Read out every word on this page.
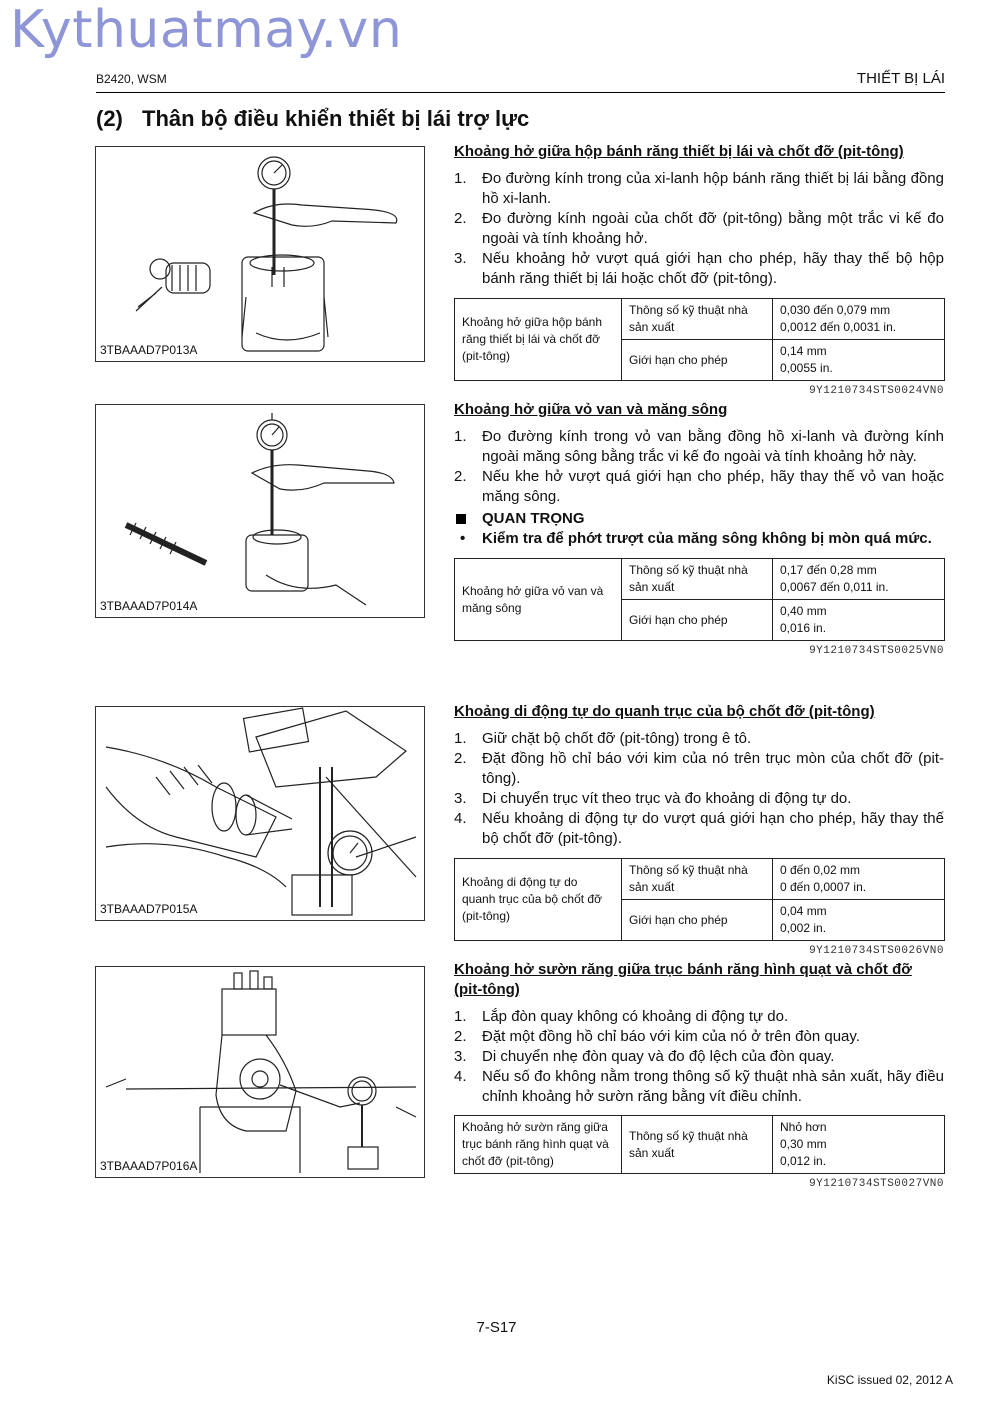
Kythuatmay.vn
B2420, WSM	THIẾT BỊ LÁI
(2) Thân bộ điều khiển thiết bị lái trợ lực
3TBAAAD7P013A
3TBAAAD7P014A
3TBAAAD7P015A
3TBAAAD7P016A
Khoảng hở giữa hộp bánh răng thiết bị lái và chốt đỡ (pit-tông)
1. Đo đường kính trong của xi-lanh hộp bánh răng thiết bị lái bằng đồng hồ xi-lanh.
2. Đo đường kính ngoài của chốt đỡ (pit-tông) bằng một trắc vi kế đo ngoài và tính khoảng hở.
3. Nếu khoảng hở vượt quá giới hạn cho phép, hãy thay thế bộ hộp bánh răng thiết bị lái hoặc chốt đỡ (pit-tông).
Khoảng hở giữa hộp bánh răng thiết bị lái và chốt đỡ (pit-tông)	Thông số kỹ thuật nhà sản xuất	0,030 đến 0,079 mm
0,0012 đến 0,0031 in.
	Giới hạn cho phép	0,14 mm
0,0055 in.
9Y1210734STS0024VN0
Khoảng hở giữa vỏ van và măng sông
1. Đo đường kính trong vỏ van bằng đồng hồ xi-lanh và đường kính ngoài măng sông bằng trắc vi kế đo ngoài và tính khoảng hở này.
2. Nếu khe hở vượt quá giới hạn cho phép, hãy thay thế vỏ van hoặc măng sông.
QUAN TRỌNG
• Kiểm tra để phớt trượt của măng sông không bị mòn quá mức.
Khoảng hở giữa vỏ van và măng sông	Thông số kỹ thuật nhà sản xuất	0,17 đến 0,28 mm
0,0067 đến 0,011 in.
	Giới hạn cho phép	0,40 mm
0,016 in.
9Y1210734STS0025VN0
Khoảng di động tự do quanh trục của bộ chốt đỡ (pit-tông)
1. Giữ chặt bộ chốt đỡ (pit-tông) trong ê tô.
2. Đặt đồng hồ chỉ báo với kim của nó trên trục mòn của chốt đỡ (pit-tông).
3. Di chuyển trục vít theo trục và đo khoảng di động tự do.
4. Nếu khoảng di động tự do vượt quá giới hạn cho phép, hãy thay thế bộ chốt đỡ (pit-tông).
Khoảng di động tự do quanh trục của bộ chốt đỡ (pit-tông)	Thông số kỹ thuật nhà sản xuất	0 đến 0,02 mm
0 đến 0,0007 in.
	Giới hạn cho phép	0,04 mm
0,002 in.
9Y1210734STS0026VN0
Khoảng hở sườn răng giữa trục bánh răng hình quạt và chốt đỡ (pit-tông)
1. Lắp đòn quay không có khoảng di động tự do.
2. Đặt một đồng hồ chỉ báo với kim của nó ở trên đòn quay.
3. Di chuyển nhẹ đòn quay và đo độ lệch của đòn quay.
4. Nếu số đo không nằm trong thông số kỹ thuật nhà sản xuất, hãy điều chỉnh khoảng hở sườn răng bằng vít điều chỉnh.
Khoảng hở sườn răng giữa trục bánh răng hình quạt và chốt đỡ (pit-tông)	Thông số kỹ thuật nhà sản xuất	Nhỏ hơn
0,30 mm
0,012 in.
9Y1210734STS0027VN0
7-S17
KiSC issued 02, 2012 A
